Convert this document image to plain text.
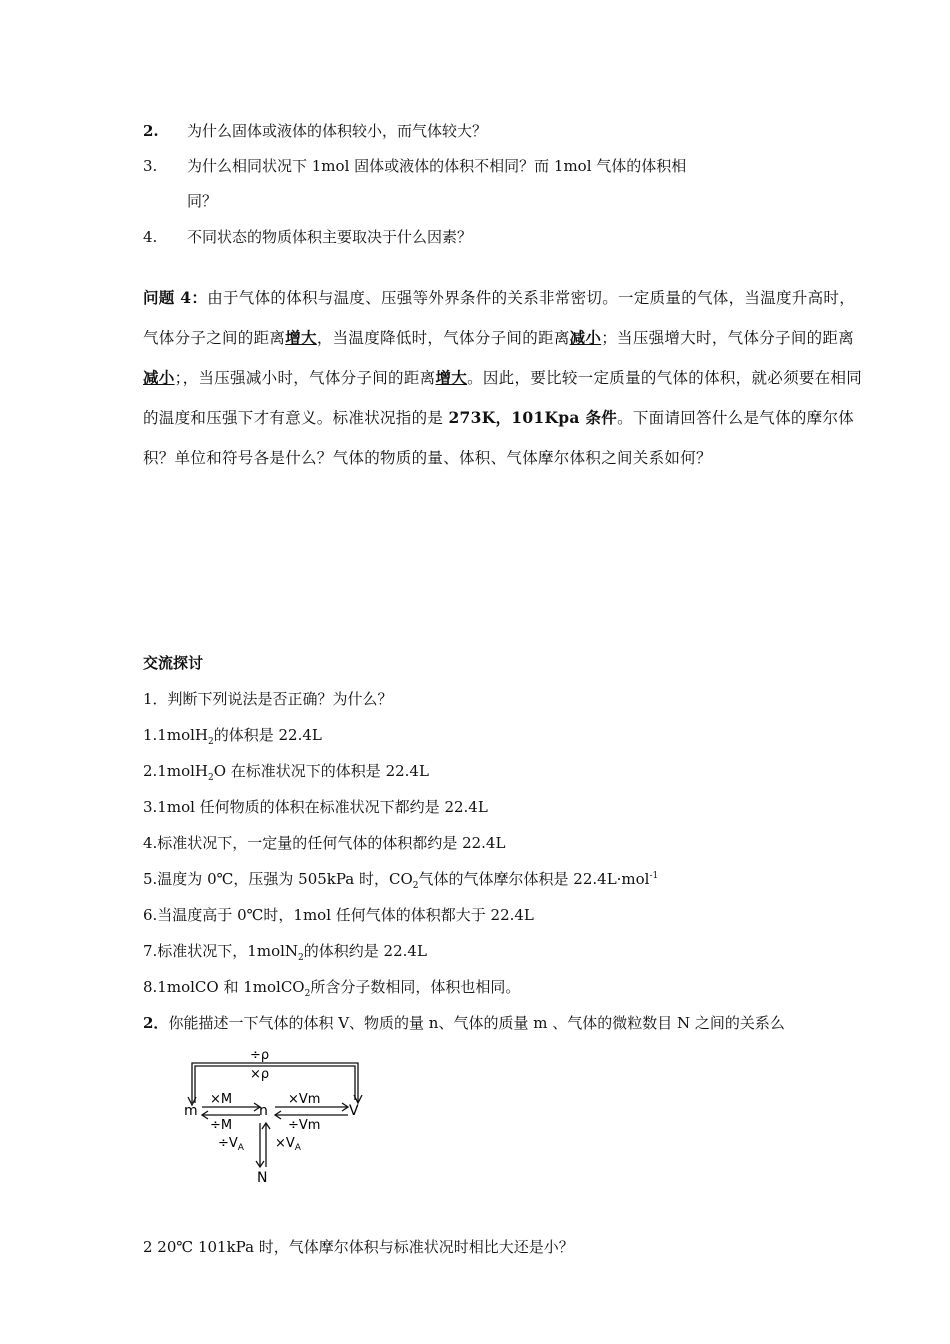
2. 为什么固体或液体的体积较小，而气体较大？
3. 为什么相同状况下 1mol 固体或液体的体积不相同？而 1mol 气体的体积相
同？
4. 不同状态的物质体积主要取决于什么因素？
问题 4：由于气体的体积与温度、压强等外界条件的关系非常密切。一定质量的气体，当温度升高时，气体分子之间的距离增大，当温度降低时，气体分子间的距离减小；当压强增大时，气体分子间的距离减小；，当压强减小时，气体分子间的距离增大。因此，要比较一定质量的气体的体积，就必须要在相同的温度和压强下才有意义。标准状况指的是 273K，101Kpa 条件。下面请回答什么是气体的摩尔体积？单位和符号各是什么？气体的物质的量、体积、气体摩尔体积之间关系如何？
交流探讨
1．判断下列说法是否正确？为什么？
1.1molH$_2$的体积是 22.4L
2.1molH$_2$O 在标准状况下的体积是 22.4L
3.1mol 任何物质的体积在标准状况下都约是 22.4L
4.标准状况下，一定量的任何气体的体积都约是 22.4L
5.温度为 0℃，压强为 505kPa 时，$CO_2$气体的气体摩尔体积是 22.4L·mol$^{-1}$
6.当温度高于 0℃时，1mol 任何气体的体积都大于 22.4L
7.标准状况下，1molN$_2$的体积约是 22.4L
8.1molCO 和 1molCO$_2$所含分子数相同，体积也相同。
2．你能描述一下气体的体积 V、物质的量 n、气体的质量 m 、气体的微粒数目 N 之间的关系么
÷ρ
×ρ
×M
÷M
×Vm
÷Vm
m	n	V
N
$\div V_A \times V_A$
2 20℃ 101kPa 时，气体摩尔体积与标准状况时相比大还是小？
